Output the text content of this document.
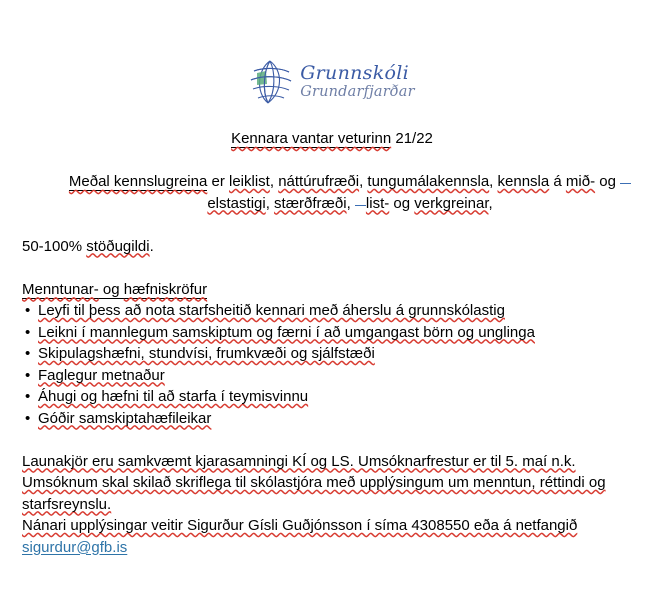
Grunnskóli
Grundarfjarðar

Kennara vantar veturinn 21/22

Meðal kennslugreina er leiklist, náttúrufræði, tungumálakennsla, kennsla á mið- og  elstastigi, stærðfræði, list- og verkgreinar,

50-100% stöðugildi.

Menntunar- og hæfniskröfur

• Leyfi til þess að nota starfsheitið kennari með áherslu á grunnskólastig
• Leikni í mannlegum samskiptum og færni í að umgangast börn og unglinga
• Skipulagshæfni, stundvísi, frumkvæði og sjálfstæði
• Faglegur metnaður
• Áhugi og hæfni til að starfa í teymisvinnu
• Góðir samskiptahæfileikar

Launakjör eru samkvæmt kjarasamningi KÍ og LS. Umsóknarfrestur er til 5. maí n.k.

Umsóknum skal skilað skriflega til skólastjóra með upplýsingum um menntun, réttindi og

starfsreynslu.

Nánari upplýsingar veitir Sigurður Gísli Guðjónsson í síma 4308550 eða á netfangið

sigurdur@gfb.is
